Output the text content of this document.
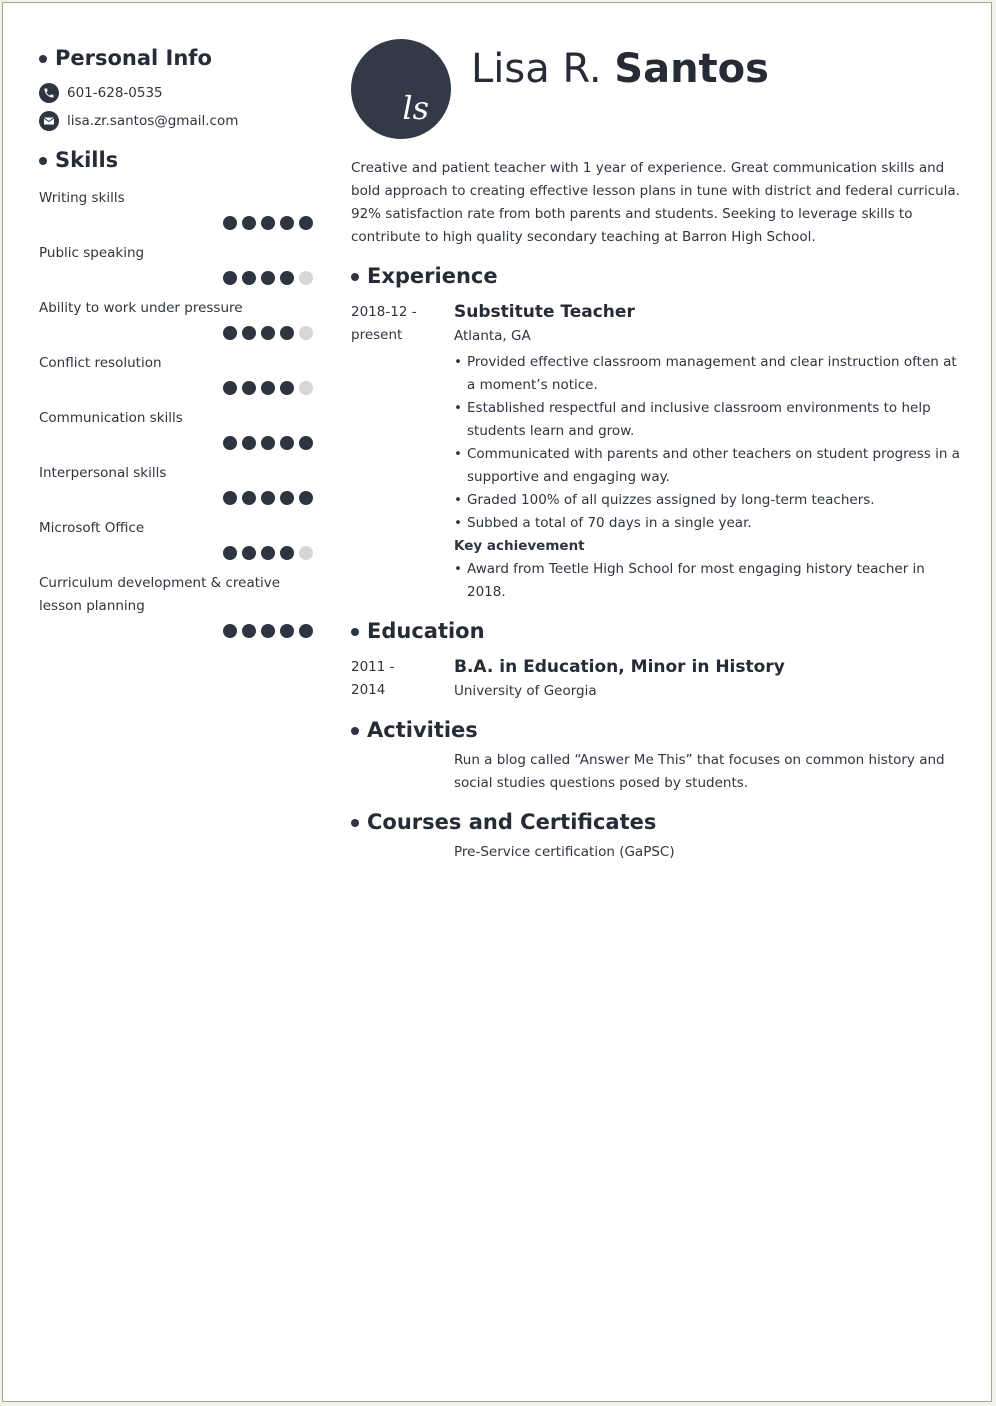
Personal Info
601-628-0535
lisa.zr.santos@gmail.com
Skills
Writing skills
Public speaking
Ability to work under pressure
Conflict resolution
Communication skills
Interpersonal skills
Microsoft Office
Curriculum development & creative lesson planning
ls
Lisa R. Santos
Creative and patient teacher with 1 year of experience. Great communication skills and bold approach to creating effective lesson plans in tune with district and federal curricula. 92% satisfaction rate from both parents and students. Seeking to leverage skills to contribute to high quality secondary teaching at Barron High School.
Experience
2018-12 -
present
Substitute Teacher
Atlanta, GA
• Provided effective classroom management and clear instruction often at a moment’s notice.
• Established respectful and inclusive classroom environments to help students learn and grow.
• Communicated with parents and other teachers on student progress in a supportive and engaging way.
• Graded 100% of all quizzes assigned by long-term teachers.
• Subbed a total of 70 days in a single year.
Key achievement
• Award from Teetle High School for most engaging history teacher in 2018.
Education
2011 -
2014
B.A. in Education, Minor in History
University of Georgia
Activities
Run a blog called “Answer Me This” that focuses on common history and social studies questions posed by students.
Courses and Certificates
Pre-Service certification (GaPSC)
